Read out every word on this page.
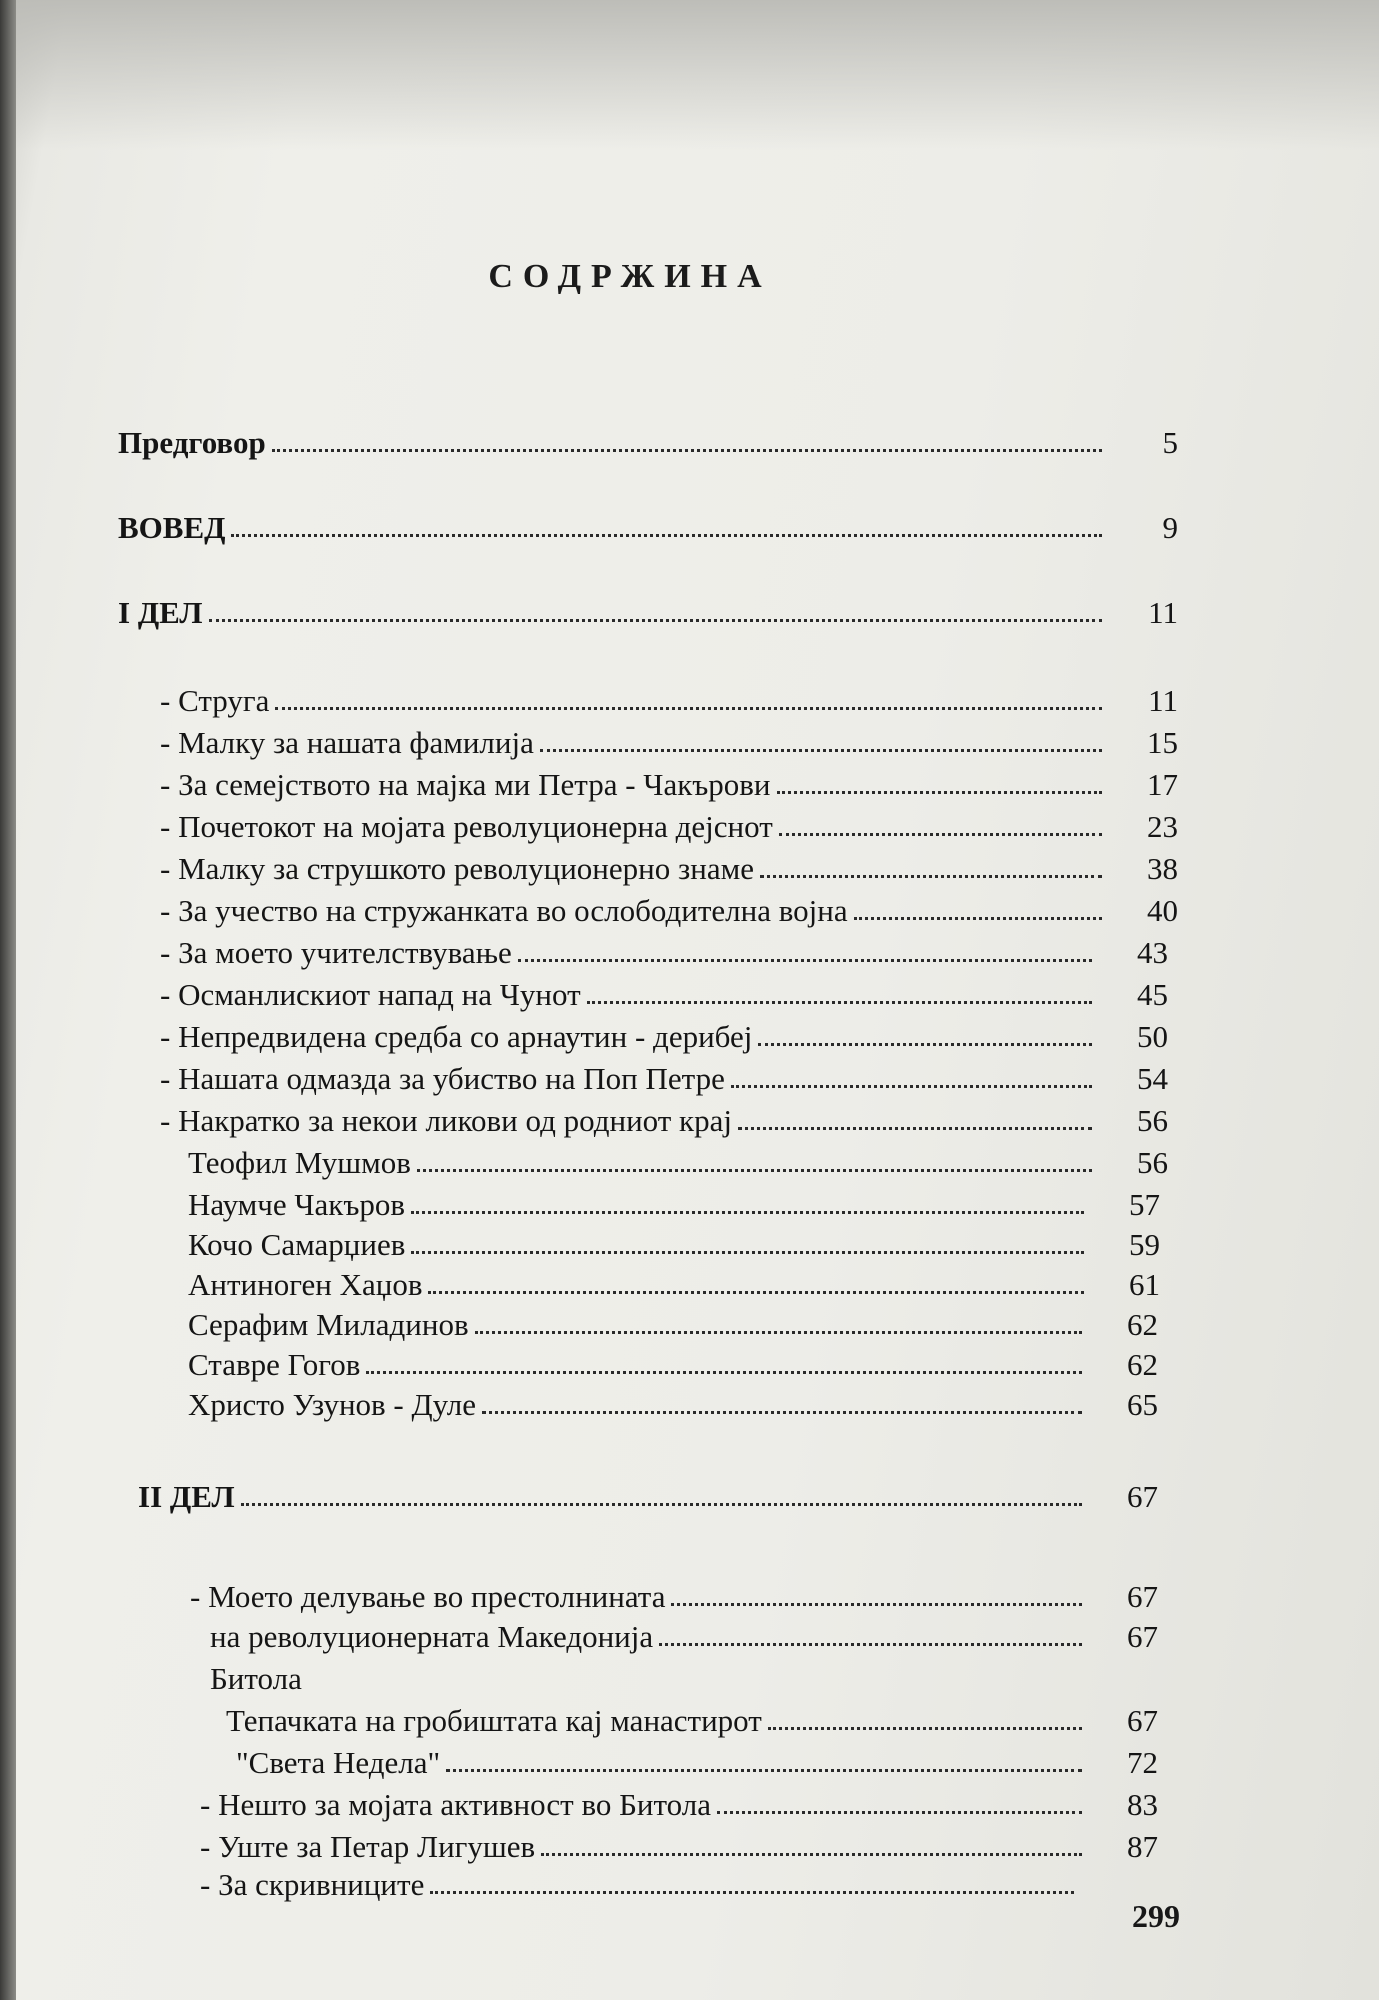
СОДРЖИНА
Предговор	5
ВОВЕД	9
I ДЕЛ	11
- Струга	11
- Малку за нашата фамилија	15
- За семејството на мајка ми Петра - Чакърови	17
- Почетокот на мојата револуционерна дејснот	23
- Малку за струшкото револуционерно знаме	38
- За учество на стружанката во ослободителна војна	40
- За моето учителствување	43
- Османлискиот напад на Чунот	45
- Непредвидена средба со арнаутин - дерибеј	50
- Нашата одмазда за убиство на Поп Петре	54
- Накратко за некои ликови од родниот крај	56
Теофил Мушмов	56
Наумче Чакъров	57
Кочо Самарџиев	59
Антиноген Хаџов	61
Серафим Миладинов	62
Ставре Гогов	62
Христо Узунов - Дуле	65
II ДЕЛ	67
- Моето делување во престолнината	67
на револуционерната Македонија	67
Битола
Тепачката на гробиштата кај манастирот	67
"Света Недела"	72
- Нешто за мојата активност во Битола	83
- Уште за Петар Лигушев	87
- За скривниците
299
